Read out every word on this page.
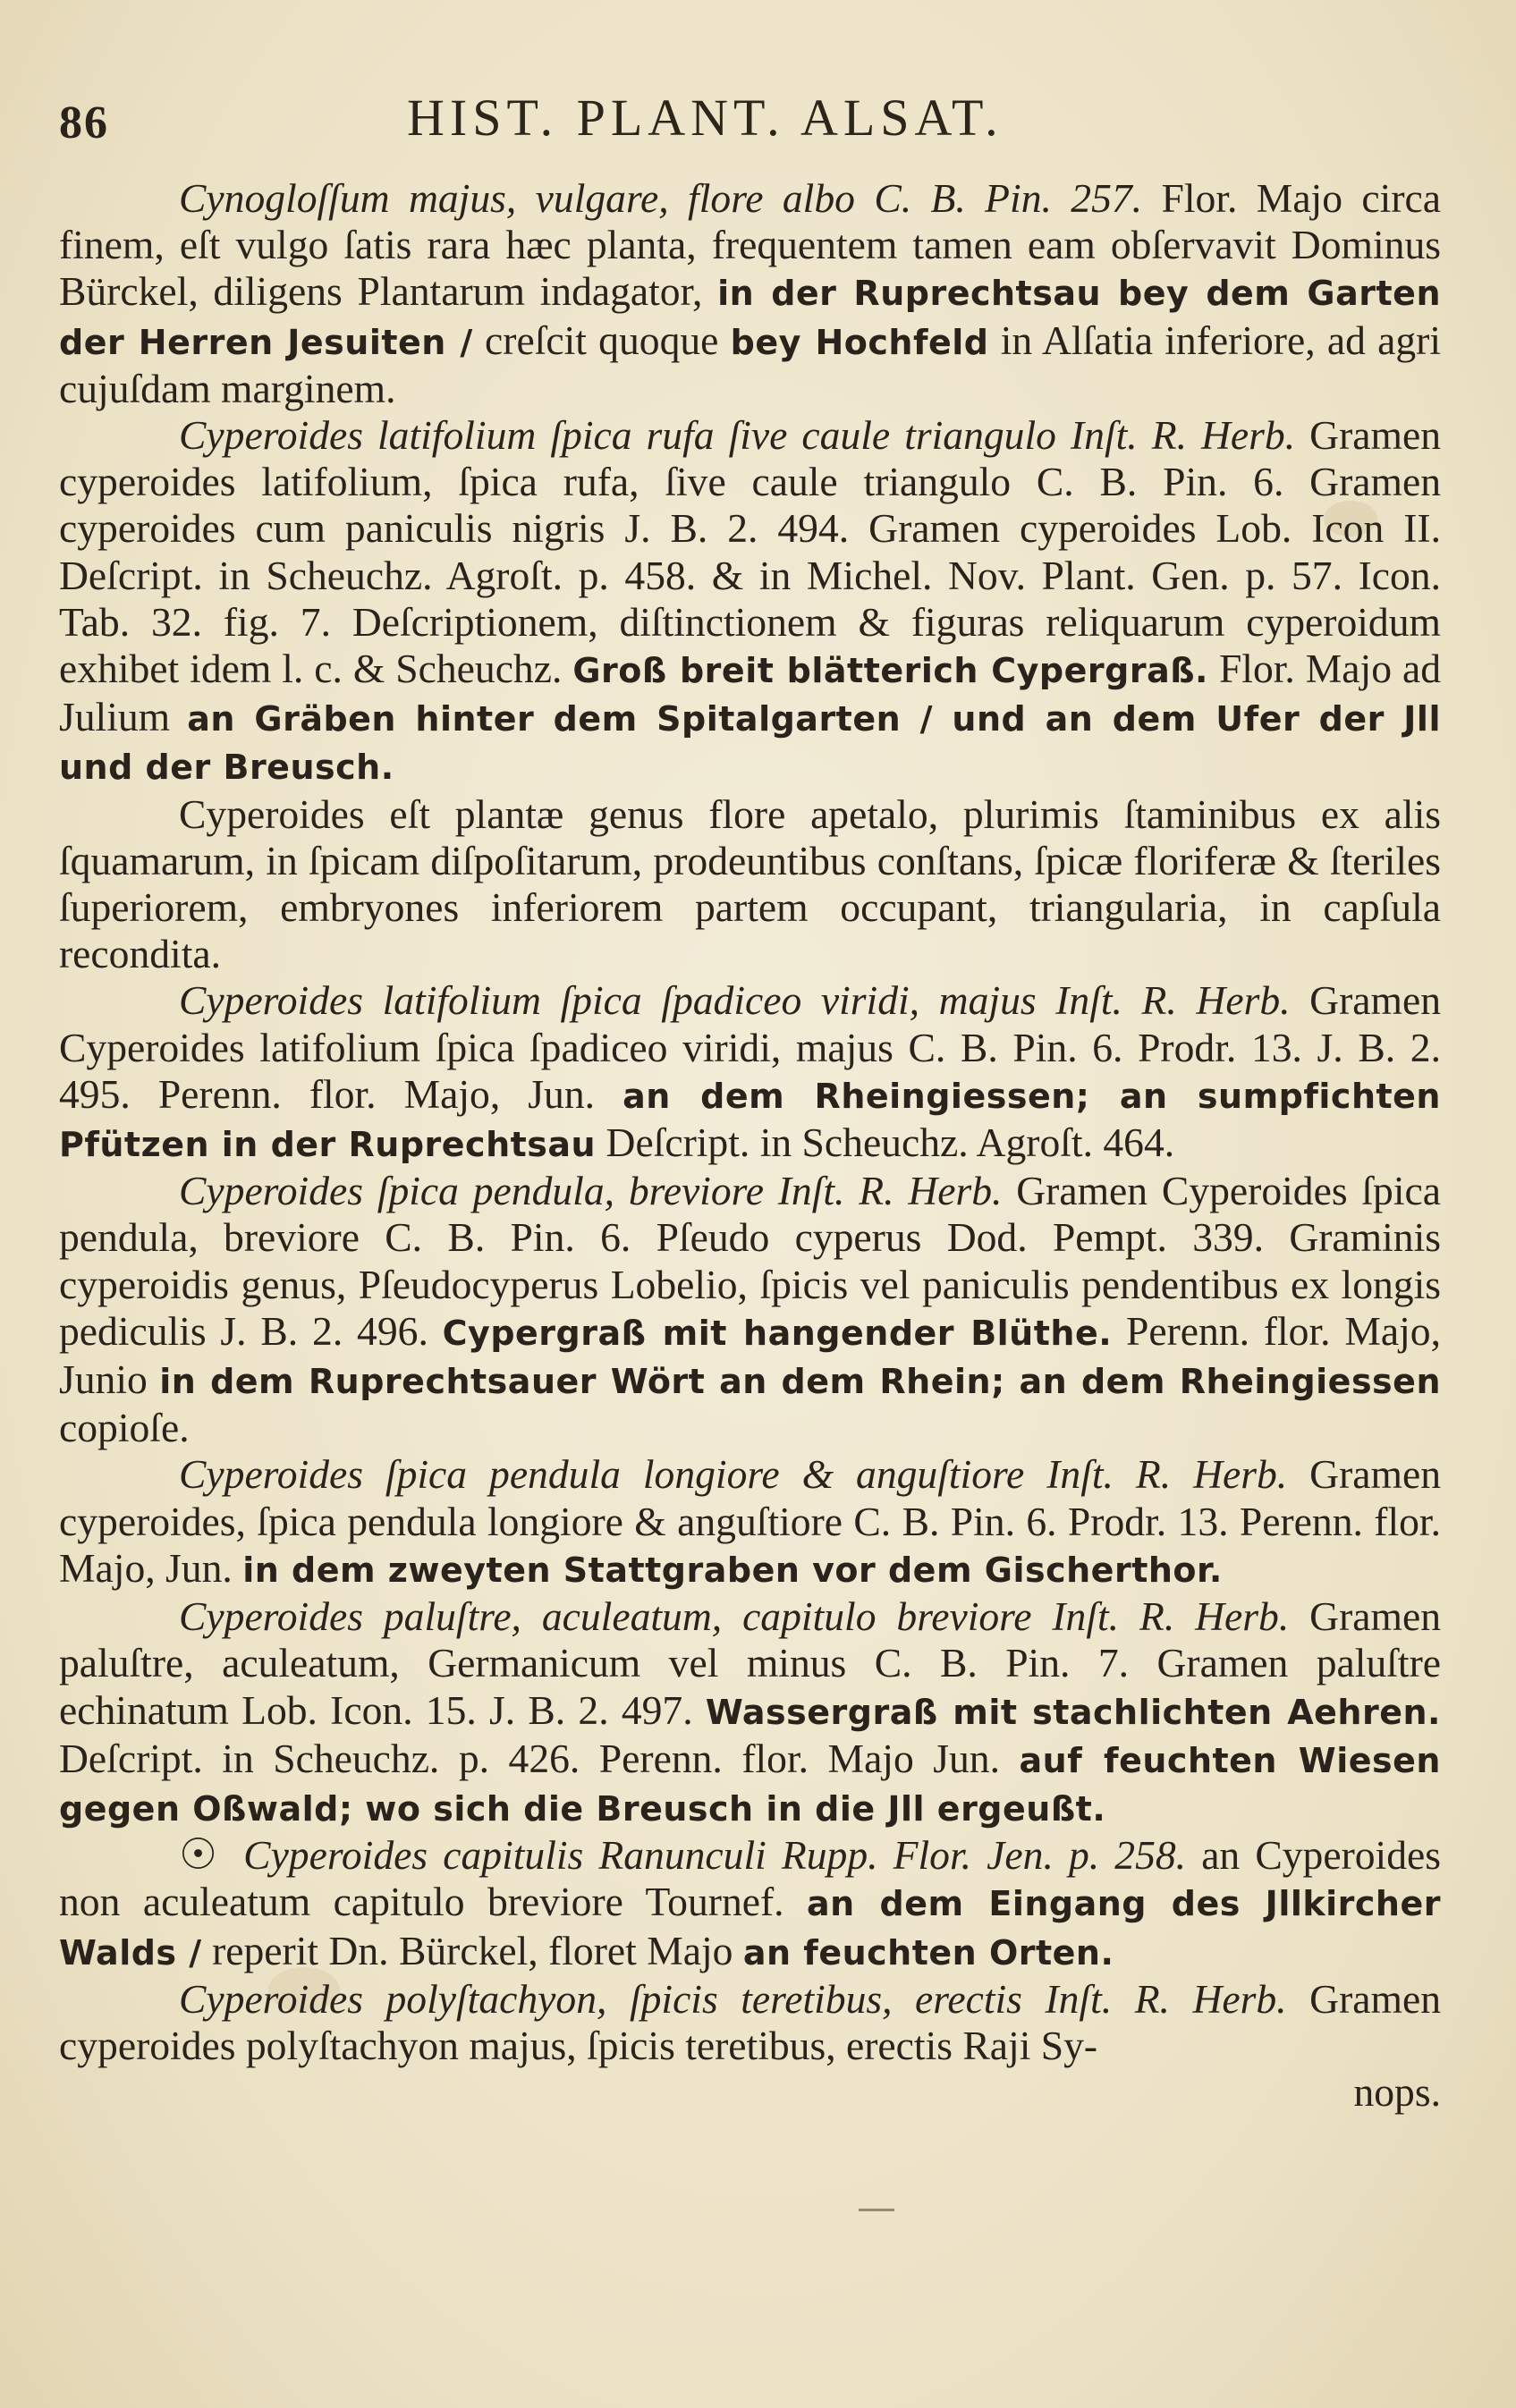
86	HIST. PLANT. ALSAT.

Cynogloſſum majus, vulgare, flore albo C. B. Pin. 257. Flor. Majo circa finem, eſt vulgo ſatis rara hæc planta, frequentem tamen eam obſervavit Dominus Bürckel, diligens Plantarum indagator, in der Ruprechtsau bey dem Garten der Herren Jesuiten / creſcit quoque bey Hochfeld in Alſatia inferiore, ad agri cujuſdam marginem.

Cyperoides latifolium ſpica rufa ſive caule triangulo Inſt. R. Herb. Gramen cyperoides latifolium, ſpica rufa, ſive caule triangulo C. B. Pin. 6. Gramen cyperoides cum paniculis nigris J. B. 2. 494. Gramen cyperoides Lob. Icon II. Deſcript. in Scheuchz. Agroſt. p. 458. & in Michel. Nov. Plant. Gen. p. 57. Icon. Tab. 32. fig. 7. Deſcriptionem, diſtinctionem & figuras reliquarum cyperoidum exhibet idem l. c. & Scheuchz. Groß breit blätterich Cypergraß. Flor. Majo ad Julium an Gräben hinter dem Spitalgarten / und an dem Ufer der Jll und der Breusch.

Cyperoides eſt plantæ genus flore apetalo, plurimis ſtaminibus ex alis ſquamarum, in ſpicam diſpoſitarum, prodeuntibus conſtans, ſpicæ floriferæ & ſteriles ſuperiorem, embryones inferiorem partem occupant, triangularia, in capſula recondita.

Cyperoides latifolium ſpica ſpadiceo viridi, majus Inſt. R. Herb. Gramen Cyperoides latifolium ſpica ſpadiceo viridi, majus C. B. Pin. 6. Prodr. 13. J. B. 2. 495. Perenn. flor. Majo, Jun. an dem Rheingiessen; an sumpfichten Pfützen in der Ruprechtsau Deſcript. in Scheuchz. Agroſt. 464.

Cyperoides ſpica pendula, breviore Inſt. R. Herb. Gramen Cyperoides ſpica pendula, breviore C. B. Pin. 6. Pſeudo cyperus Dod. Pempt. 339. Graminis cyperoidis genus, Pſeudocyperus Lobelio, ſpicis vel paniculis pendentibus ex longis pediculis J. B. 2. 496. Cypergraß mit hangender Blüthe. Perenn. flor. Majo, Junio in dem Ruprechtsauer Wört an dem Rhein; an dem Rheingiessen copioſe.

Cyperoides ſpica pendula longiore & anguſtiore Inſt. R. Herb. Gramen cyperoides, ſpica pendula longiore & anguſtiore C. B. Pin. 6. Prodr. 13. Perenn. flor. Majo, Jun. in dem zweyten Stattgraben vor dem Gischerthor.

Cyperoides paluſtre, aculeatum, capitulo breviore Inſt. R. Herb. Gramen paluſtre, aculeatum, Germanicum vel minus C. B. Pin. 7. Gramen paluſtre echinatum Lob. Icon. 15. J. B. 2. 497. Wassergraß mit stachlichten Aehren. Deſcript. in Scheuchz. p. 426. Perenn. flor. Majo Jun. auf feuchten Wiesen gegen Oßwald; wo sich die Breusch in die Jll ergeußt.

☉ Cyperoides capitulis Ranunculi Rupp. Flor. Jen. p. 258. an Cyperoides non aculeatum capitulo breviore Tournef. an dem Eingang des Jllkircher Walds / reperit Dn. Bürckel, floret Majo an feuchten Orten.

Cyperoides polyſtachyon, ſpicis teretibus, erectis Inſt. R. Herb. Gramen cyperoides polyſtachyon majus, ſpicis teretibus, erectis Raji Sy-

nops.
